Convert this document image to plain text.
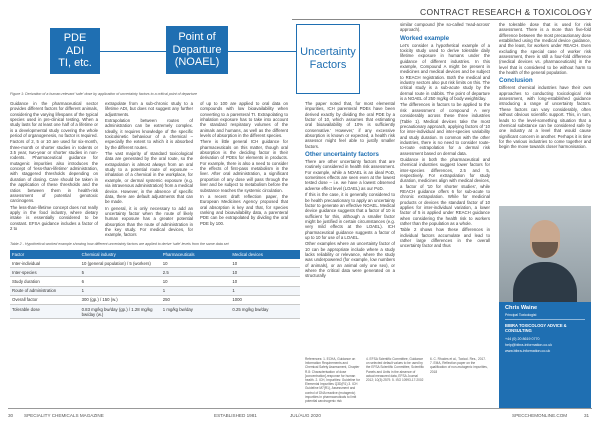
CONTRACT RESEARCH & TOXICOLOGY
PDE
ADI
TI, etc.
Point of
Departure
(NOAEL)
Uncertainty
Factors
Figure 1: Derivation of a human-relevant 'safe' dose by application of uncertainty factors to a critical point of departure

Guidance in the pharmaceutical sector provides different factors for different animals, considering the varying lifespans of the typical species used in pre-clinical testing. When a study lasts for at least one half of a lifetime or is a developmental study covering the whole period of organogenesis, no factor is required.

Factors of 2, 5 or 10 are used for six-month, three-month or shorter studies in rodents or 3.5 year, two-year or shorter studies in non-rodents. Pharmaceutical guidance for mutagenic impurities also introduces the concept of 'less-than-lifetime' administration, with staggered thresholds depending on duration of dosing. Care should be taken in the application of these thresholds and the ratios between them in health-risk assessment of potential genotoxic carcinogens.

The less-than-lifetime concept does not really apply in the food industry, where dietary intake is essentially considered to be constant. EFSA guidance includes a factor of 2 to

extrapolate from a sub-chronic study to a lifetime ADI, but does not suggest any further adjustments.

Extrapolation between routes of administration can be extremely complex. Ideally, it requires knowledge of the specific toxicokinetic behaviour of a chemical – especially the extent to which it is absorbed by the different routes.

The vast majority of standard toxicological data are generated by the oral route, so the extrapolation is almost always from an oral study to a potential route of exposure – inhalation of a chemical in the workplace, for example, or dermal systemic exposure (e.g. via intravenous administration) from a medical device. However, in the absence of specific data, there are default adjustments that can be made.

In general, it is only necessary to add an uncertainty factor when the route of likely human exposure has a greater potential absorption than the route of administration in the key study. For medical devices, for example, factors

of up to 100 are applied to oral data on compounds with low bioavailability when converting to a parenteral TI. Extrapolating to inhalation exposure has to take into account the standard respiratory volumes of the animals and humans, as well as the different levels of absorption in the different species.

There is little general ICH guidance for pharmaceuticals on this matter, though oral absorption is the deciding factor in their derivation of PDEs for elements in products. For example, there is also a need to consider the effects of first-pass metabolism in the liver. After oral administration, a significant proportion of any dose will pass through the liver and be subject to metabolism before the substance reaches the systemic circulation.

In a recent draft reflection paper, the European Medicines Agency proposed that oral absorption is key and that, for species ranking and bioavailability data, a parenteral PDE can be extrapolated by dividing the oral PDE by 100.

Table 2 - Hypothetical worked example showing how different uncertainty factors are applied to derive 'safe' levels from the same data set
Factor	Chemical industry	Pharmaceuticals	Medical devices
Inter-individual	10 (general population) / 5 (workers)	10	10
Inter-species	5	2.5	10
Study duration	6	10	10
Route of administration	1	1	1
Overall factor	300 (gp.) / 150 (w.)	250	1000
Tolerable dose	0.83 mg/kg bw/day (gp.) / 1.28 mg/kg bw/day (w.)	1 mg/kg bw/day	0.25 mg/kg bw/day
References: 1. ECHA, Guidance on Information Requirements and Chemical Safety Assessment, Chapter R.8: Characterisation of dose [concentration]-response for human health. 2. ICH, Impurities: Guideline for Elemental Impurities Q3D(R1) 3. ICH Guideline M7(R1), Assessment and control of DNA reactive (mutagenic) impurities in pharmaceuticals to limit potential carcinogenic risk
4. EFSA Scientific Committee, Guidance on selected default values to be used by the EFSA Scientific Committee, Scientific Panels and Units in the absence of actual measured data, EFSA Journal 2012; 10(3):2579. 5. ISO 10993-17:2002
6. C. Rhodes et al., Toxicol. Res., 2017. 7. EMA, Reflection paper on the qualification of non-mutagenic impurities, 2018

The paper noted that, for most elemental impurities, ICH parenteral PDEs have been derived exactly by dividing the oral PDE by a factor of 10, which assumes that estimating oral bioavailability of 10% is sufficiently conservative.' However,' if any excessive absorption is known or expected, a health risk assessor might feel able to justify smaller factors.

Other uncertainty factors

There are other uncertainty factors that are routinely considered in health risk assessment. For example, while a NOAEL is an ideal PoD, sometimes effects are seen even at the lowest tested dose – i.e. we have a lowest observed adverse effect level (LOAEL) as our PoD.

If this is the case, it is generally considered to be health precautionary to apply an uncertainty factor to generate an effective NOAEL. Medical device guidance suggests that a factor of 10 is sufficient for this, although a smaller factor might be justified in certain circumstances (e.g. very mild effects at the LOAEL). ICH pharmaceutical guidance suggests a factor of up to 10 for use of a LOAEL.

Other examples where an uncertainty factor of 10 can be appropriate include where a study lacks reliability or relevance, where the study was underpowered (for example, low numbers of animals), or an animal only one sex), or where the critical data were generated on a structurally

similar compound (the so-called 'read-across' approach).

Worked example

Let's consider a hypothetical example of a toxicity study used to derive tolerable daily lifetime exposure in humans under the guidance of different industries. In this example, Compound A might be present in medicines and medical devices and be subject to REACH registration. Both the medical and industry sectors also put risk limits on this. The critical study is a sub-acute study by the dermal route in rabbits. The point of departure is a NOAEL of 250 mg/kg of body weight/day.

The differences in factors to be applied to the risk assessment of compound A very considerably across these three industries (Table 1). Medical devices take the most precautionary approach, applying factors of '10 for inter-individual and inter-species variability and study duration. In common with the other industries, there is no need to consider route-to-route extrapolation for a dermal risk assessment based on dermal data.

Guidance in both the pharmaceutical and chemical industries suggest lower factors for inter-species differences, 2.5 and 5, respectively. For extrapolation for study duration, medicines align with medical devices, a factor of '10 for shorter studies', while REACH guidance offers 6 for sub-acute to chronic extrapolation. While for medicinal products or devices the standard factor of 10 applies for inter-individual variation, a lower factor of 5 is applied under REACH guidance when considering the health risk to workers rather than the population as a whole.

Table 2 shows how these differences in individual factors accumulate and lead to rather large differences in the overall uncertainty factor and thus

the tolerable dose that is used for risk assessment. There is a more than five-fold difference between the most precautionary dose established using the medical device guidance, and the least, for workers under REACH. Even excluding the special case of worker risk assessment, there is still a four-fold difference (medical devices vs. pharmaceuticals) in the level that is considered to be without harm to the health of the general population.

Conclusion

Different chemical industries have their own approaches to conducting toxicological risk assessment, with long-established guidance introducing a range of uncertainty factors. These factors can vary considerably, often without obvious scientific support. This, in turn, leads to the level-something situation that a chemical substance can be considered safe by one industry at a level that would cause significant concern in another. Perhaps it is time for the various industries to come together and begin the move towards closer harmonisation.

Chris Waine
Principal Toxicologist
BIBRA TOXICOLOGY ADVICE & CONSULTING
+44 (0) 20 8619 0770
help@bibra-information.co.uk
www.bibra-information.co.uk
30 SPECIALITY CHEMICALS MAGAZINE	ESTABLISHED 1981	JUL/AUG 2020	SPECCHEMONLINE.COM	31
